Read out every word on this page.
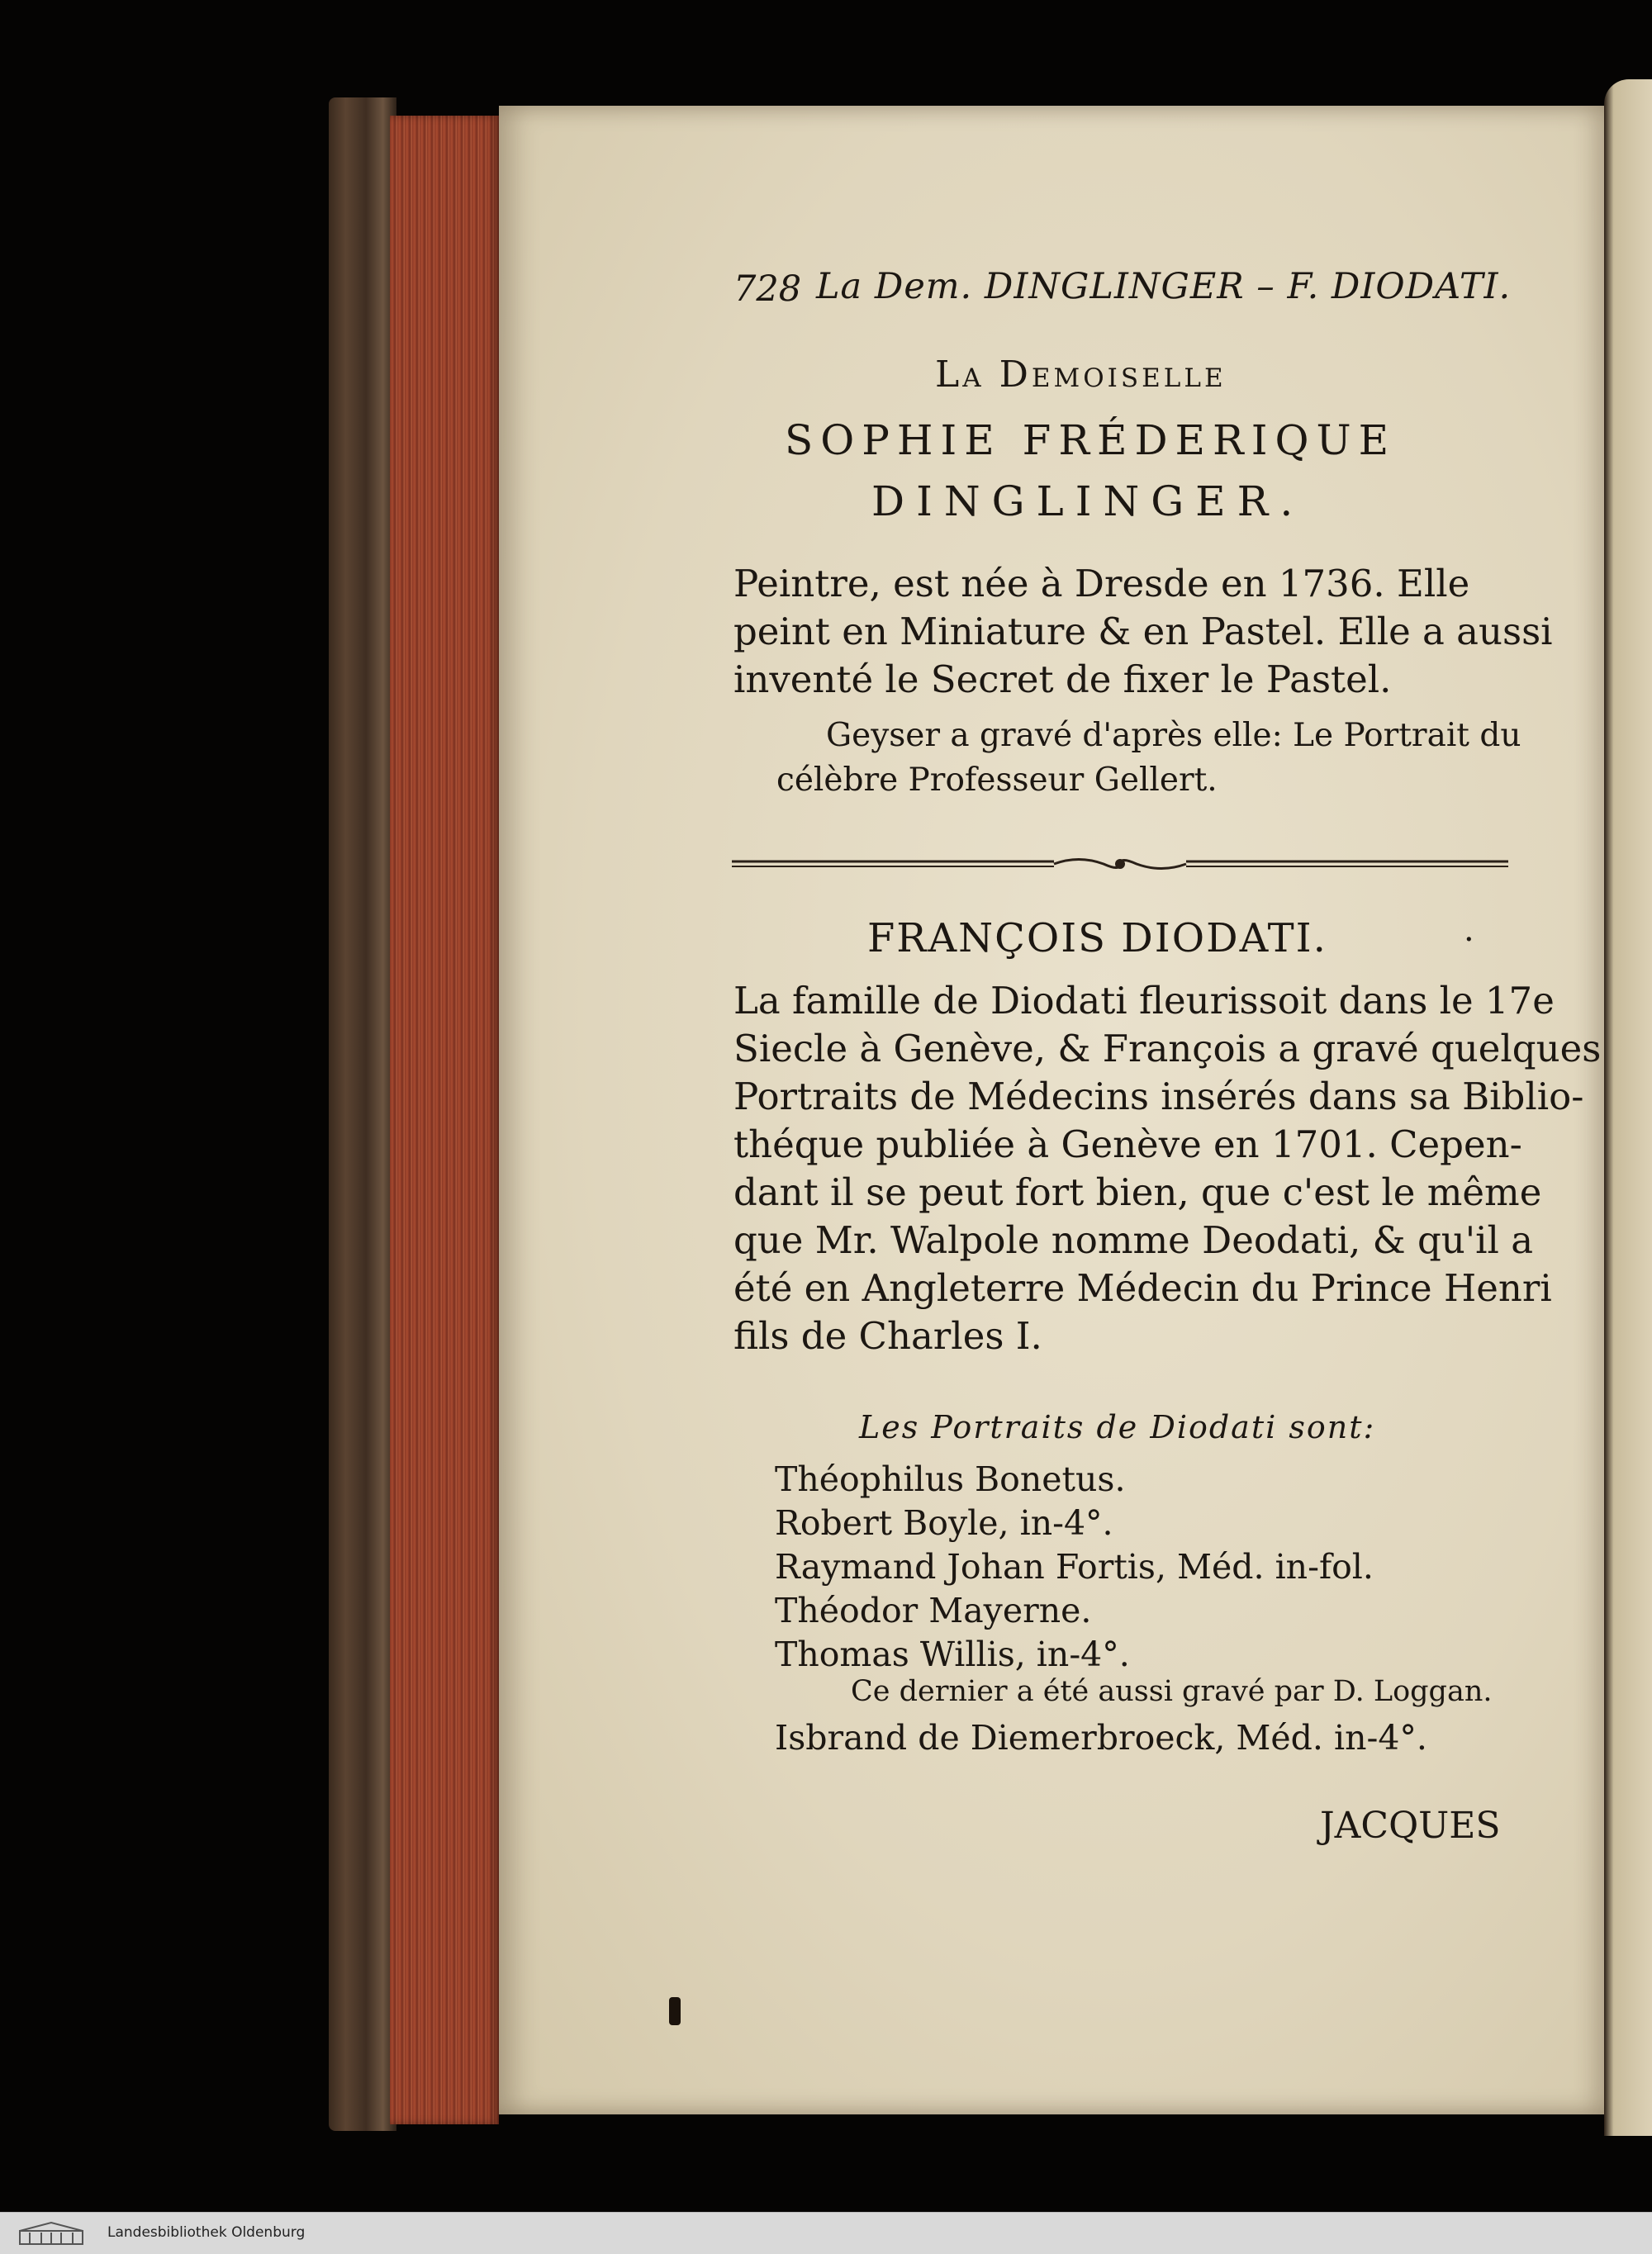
728 La Dem. DINGLINGER – F. DIODATI.
La Demoiselle
SOPHIE FRÉDERIQUE
DINGLINGER.
Peintre, est née à Dresde en 1736. Elle
peint en Miniature & en Pastel. Elle a aussi
inventé le Secret de fixer le Pastel.
Geyser a gravé d'après elle: Le Portrait du
célèbre Professeur Gellert.
FRANÇOIS DIODATI.	·
La famille de Diodati fleurissoit dans le 17e
Siecle à Genève, & François a gravé quelques
Portraits de Médecins insérés dans sa Biblio-
théque publiée à Genève en 1701. Cepen-
dant il se peut fort bien, que c'est le même
que Mr. Walpole nomme Deodati, & qu'il a
été en Angleterre Médecin du Prince Henri
fils de Charles I.
Les Portraits de Diodati sont:
Théophilus Bonetus.
Robert Boyle, in-4°.
Raymand Johan Fortis, Méd. in-fol.
Théodor Mayerne.
Thomas Willis, in-4°.
Ce dernier a été aussi gravé par D. Loggan.
Isbrand de Diemerbroeck, Méd. in-4°.
JACQUES
Landesbibliothek Oldenburg
